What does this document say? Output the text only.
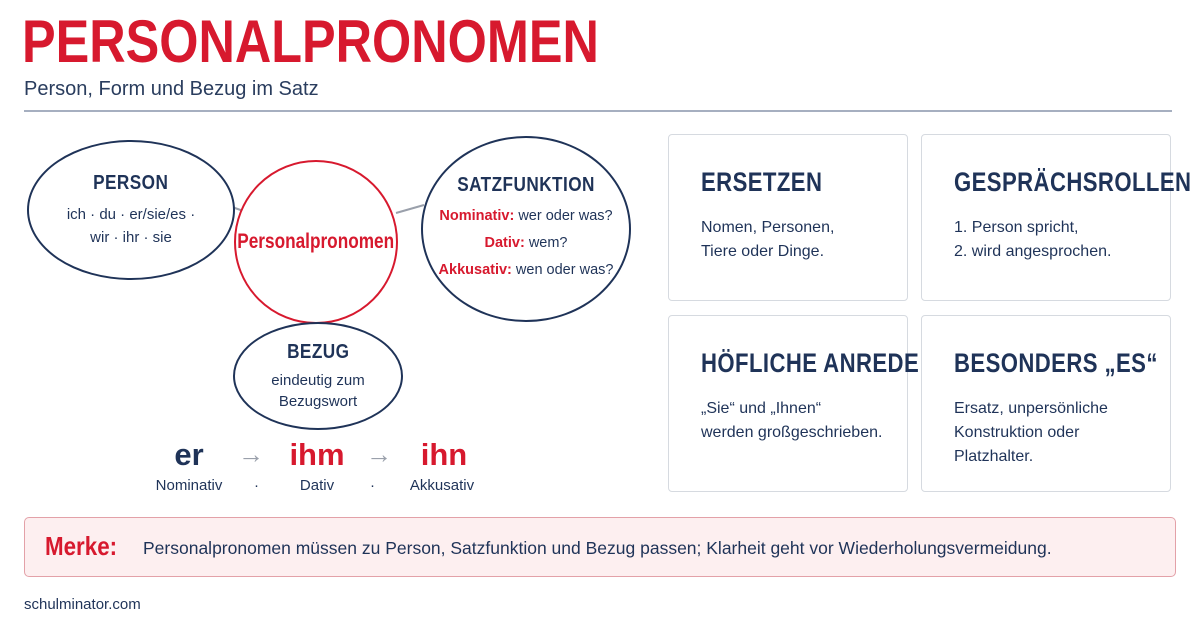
PERSONALPRONOMEN
Person, Form und Bezug im Satz
PERSON
ich · du · er/sie/es ·
wir · ihr · sie	Personalpronomen
SATZFUNKTION
Nominativ: wer oder was?
Dativ: wem?
Akkusativ: wen oder was?
BEZUG
eindeutig zum
Bezugswort
er	→ ihm → ihn
Nominativ	·	Dativ	·	Akkusativ
ERSETZEN
Nomen, Personen,
Tiere oder Dinge.
GESPRÄCHSROLLEN
1. Person spricht,
2. wird angesprochen.
HÖFLICHE ANREDE
„Sie“ und „Ihnen“
werden großgeschrieben.
BESONDERS „ES“
Ersatz, unpersönliche
Konstruktion oder
Platzhalter.
Merke: Personalpronomen müssen zu Person, Satzfunktion und Bezug passen; Klarheit geht vor Wiederholungsvermeidung.
schulminator.com
